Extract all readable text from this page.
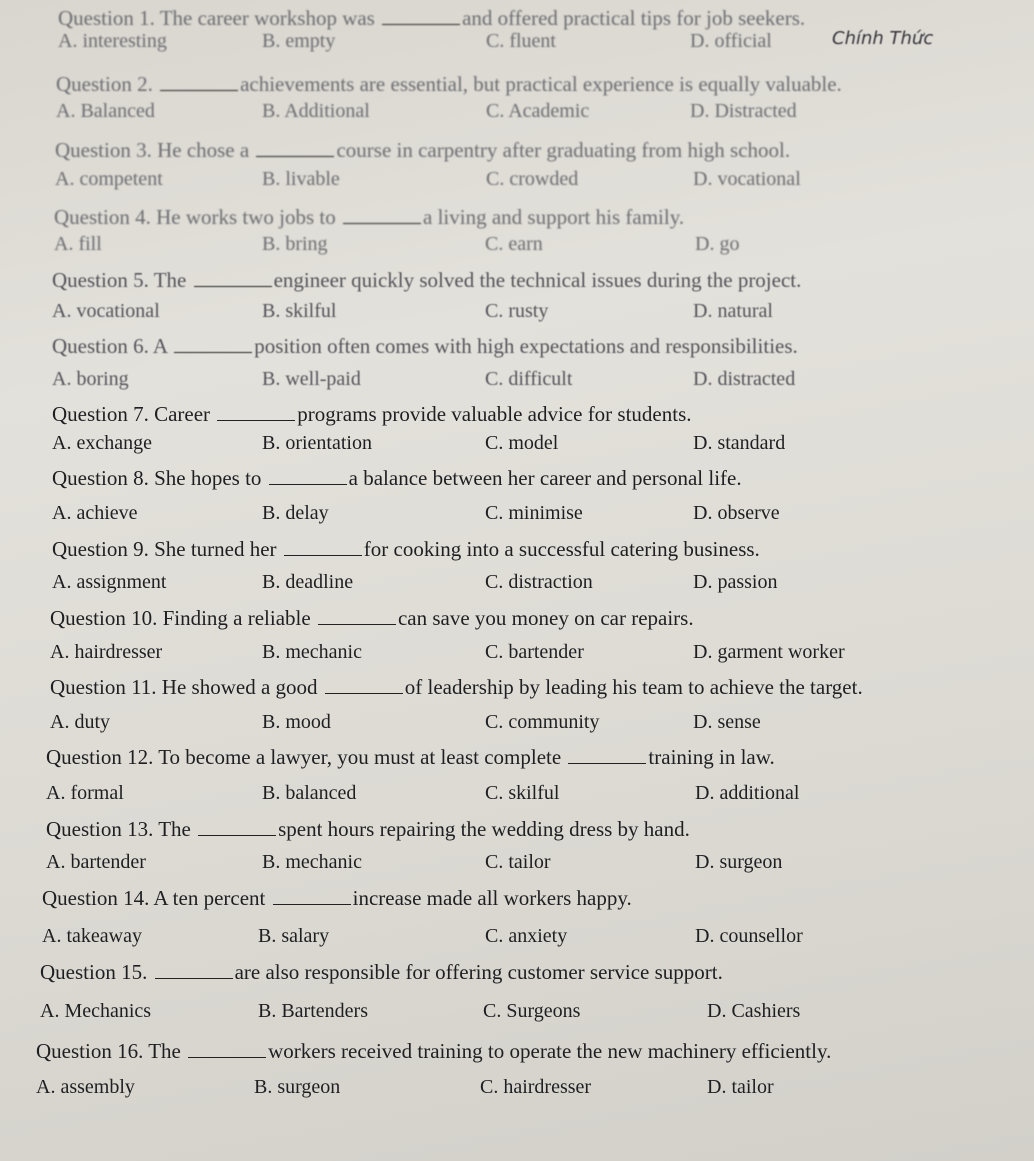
Chính Thức
Question 1. The career workshop was	and offered practical tips for job seekers.
A. interesting	B. empty	C. fluent	D. official
Question 2.	achievements are essential, but practical experience is equally valuable.
A. Balanced	B. Additional	C. Academic	D. Distracted
Question 3. He chose a	course in carpentry after graduating from high school.
A. competent	B. livable	C. crowded	D. vocational
Question 4. He works two jobs to	a living and support his family.
A. fill	B. bring	C. earn	D. go
Question 5. The	engineer quickly solved the technical issues during the project.
A. vocational	B. skilful	C. rusty	D. natural
Question 6. A	position often comes with high expectations and responsibilities.
A. boring	B. well-paid	C. difficult	D. distracted
Question 7. Career	programs provide valuable advice for students.
A. exchange	B. orientation	C. model	D. standard
Question 8. She hopes to	a balance between her career and personal life.
A. achieve	B. delay	C. minimise	D. observe
Question 9. She turned her	for cooking into a successful catering business.
A. assignment	B. deadline	C. distraction	D. passion
Question 10. Finding a reliable	can save you money on car repairs.
A. hairdresser	B. mechanic	C. bartender	D. garment worker
Question 11. He showed a good	of leadership by leading his team to achieve the target.
A. duty	B. mood	C. community	D. sense
Question 12. To become a lawyer, you must at least complete	training in law.
A. formal	B. balanced	C. skilful	D. additional
Question 13. The	spent hours repairing the wedding dress by hand.
A. bartender	B. mechanic	C. tailor	D. surgeon
Question 14. A ten percent	increase made all workers happy.
A. takeaway	B. salary	C. anxiety	D. counsellor
Question 15.	are also responsible for offering customer service support.
A. Mechanics	B. Bartenders	C. Surgeons	D. Cashiers
Question 16. The	workers received training to operate the new machinery efficiently.
A. assembly	B. surgeon	C. hairdresser	D. tailor
